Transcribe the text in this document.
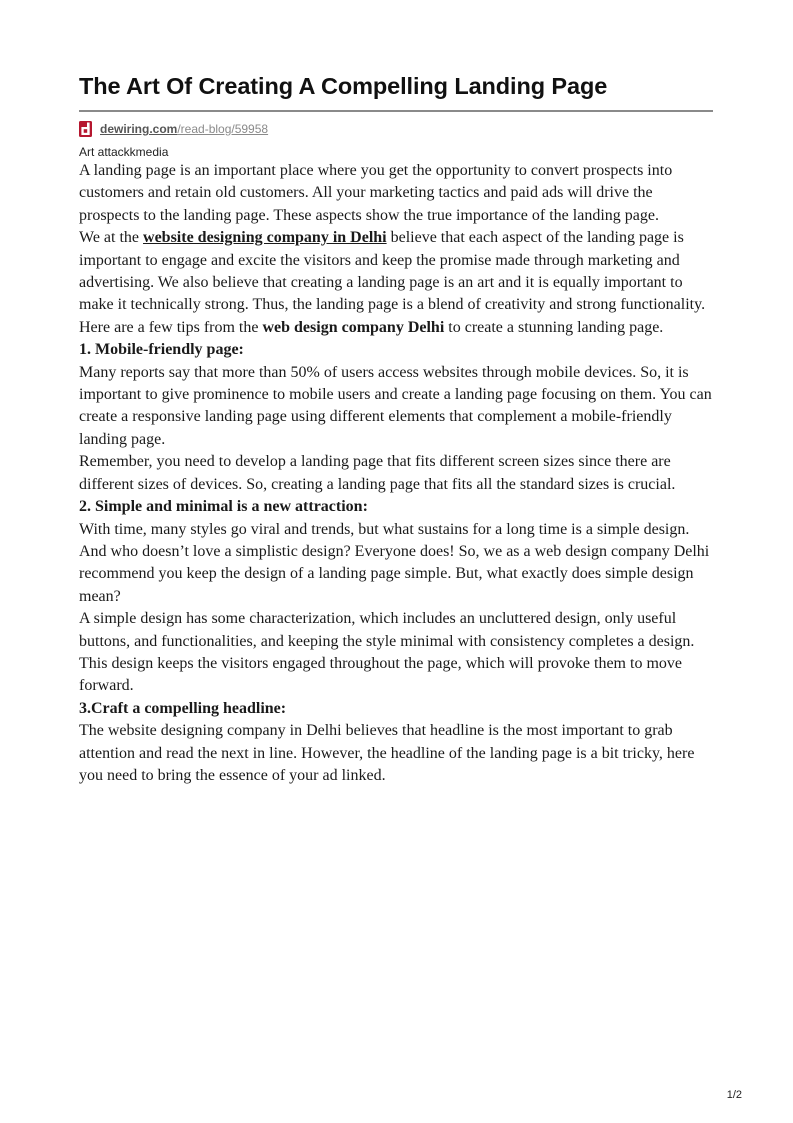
The Art Of Creating A Compelling Landing Page
dewiring.com/read-blog/59958
Art attackkmedia

A landing page is an important place where you get the opportunity to convert prospects into customers and retain old customers. All your marketing tactics and paid ads will drive the prospects to the landing page. These aspects show the true importance of the landing page.

We at the website designing company in Delhi believe that each aspect of the landing page is important to engage and excite the visitors and keep the promise made through marketing and advertising. We also believe that creating a landing page is an art and it is equally important to make it technically strong. Thus, the landing page is a blend of creativity and strong functionality.

Here are a few tips from the web design company Delhi to create a stunning landing page.

1. Mobile-friendly page:

Many reports say that more than 50% of users access websites through mobile devices. So, it is important to give prominence to mobile users and create a landing page focusing on them. You can create a responsive landing page using different elements that complement a mobile-friendly landing page.

Remember, you need to develop a landing page that fits different screen sizes since there are different sizes of devices. So, creating a landing page that fits all the standard sizes is crucial.

2. Simple and minimal is a new attraction:

With time, many styles go viral and trends, but what sustains for a long time is a simple design. And who doesn’t love a simplistic design? Everyone does! So, we as a web design company Delhi recommend you keep the design of a landing page simple. But, what exactly does simple design mean?

A simple design has some characterization, which includes an uncluttered design, only useful buttons, and functionalities, and keeping the style minimal with consistency completes a design. This design keeps the visitors engaged throughout the page, which will provoke them to move forward.

3.Craft a compelling headline:

The website designing company in Delhi believes that headline is the most important to grab attention and read the next in line. However, the headline of the landing page is a bit tricky, here you need to bring the essence of your ad linked.

1/2
